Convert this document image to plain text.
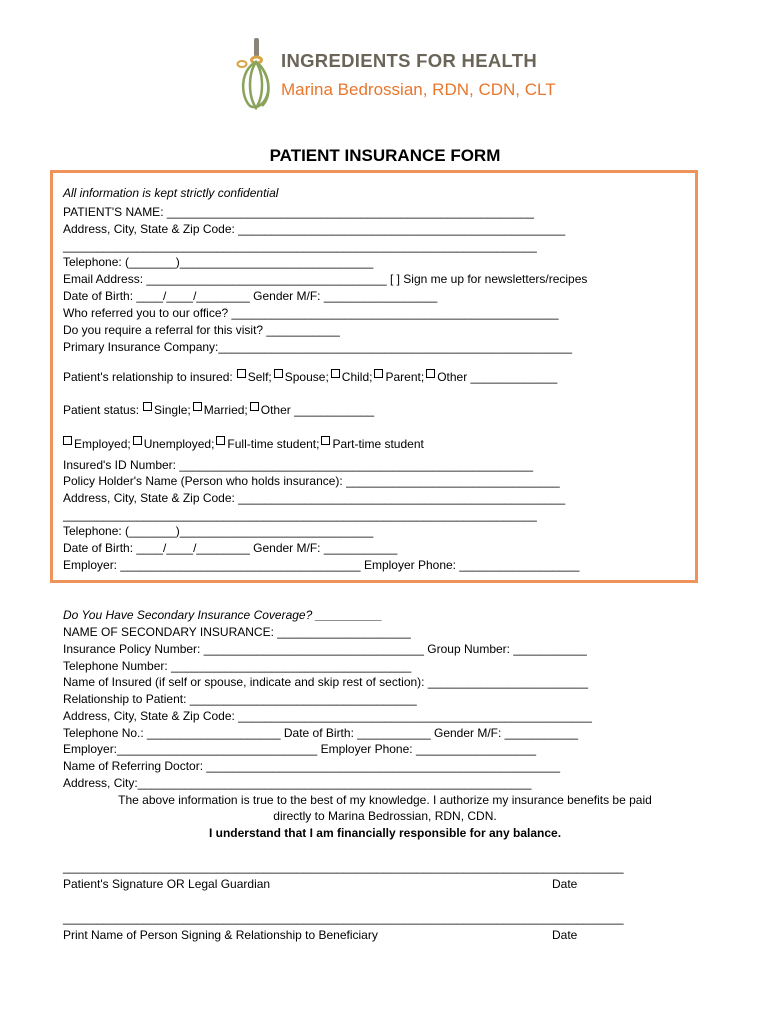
INGREDIENTS FOR HEALTH
Marina Bedrossian, RDN, CDN, CLT
PATIENT INSURANCE FORM
All information is kept strictly confidential
PATIENT'S NAME: _______________________________________________________
Address, City, State & Zip Code: _________________________________________________
_______________________________________________________________________
Telephone: (_______)_____________________________
Email Address: ____________________________________ [ ] Sign me up for newsletters/recipes
Date of Birth: ____/____/________ Gender M/F: _________________
Who referred you to our office? _________________________________________________
Do you require a referral for this visit? ___________
Primary Insurance Company:_____________________________________________________
Patient's relationship to insured: Self; Spouse; Child; Parent; Other _____________
Patient status: Single; Married; Other ____________
Employed; Unemployed; Full-time student; Part-time student
Insured's ID Number: _____________________________________________________
Policy Holder's Name (Person who holds insurance): ________________________________
Address, City, State & Zip Code: _________________________________________________
_______________________________________________________________________
Telephone: (_______)_____________________________
Date of Birth: ____/____/________ Gender M/F: ___________
Employer: ____________________________________ Employer Phone: __________________
Do You Have Secondary Insurance Coverage? __________
NAME OF SECONDARY INSURANCE: ____________________
Insurance Policy Number: _________________________________ Group Number: ___________
Telephone Number: ____________________________________
Name of Insured (if self or spouse, indicate and skip rest of section): ________________________
Relationship to Patient: __________________________________
Address, City, State & Zip Code: _____________________________________________________
Telephone No.: ____________________ Date of Birth: ___________ Gender M/F: ___________
Employer:______________________________ Employer Phone: __________________
Name of Referring Doctor: _____________________________________________________
Address, City:___________________________________________________________
The above information is true to the best of my knowledge. I authorize my insurance benefits be paid
directly to Marina Bedrossian, RDN, CDN.
I understand that I am financially responsible for any balance.
____________________________________________________________________________________
Patient's Signature OR Legal Guardian	Date
____________________________________________________________________________________
Print Name of Person Signing & Relationship to Beneficiary	Date
